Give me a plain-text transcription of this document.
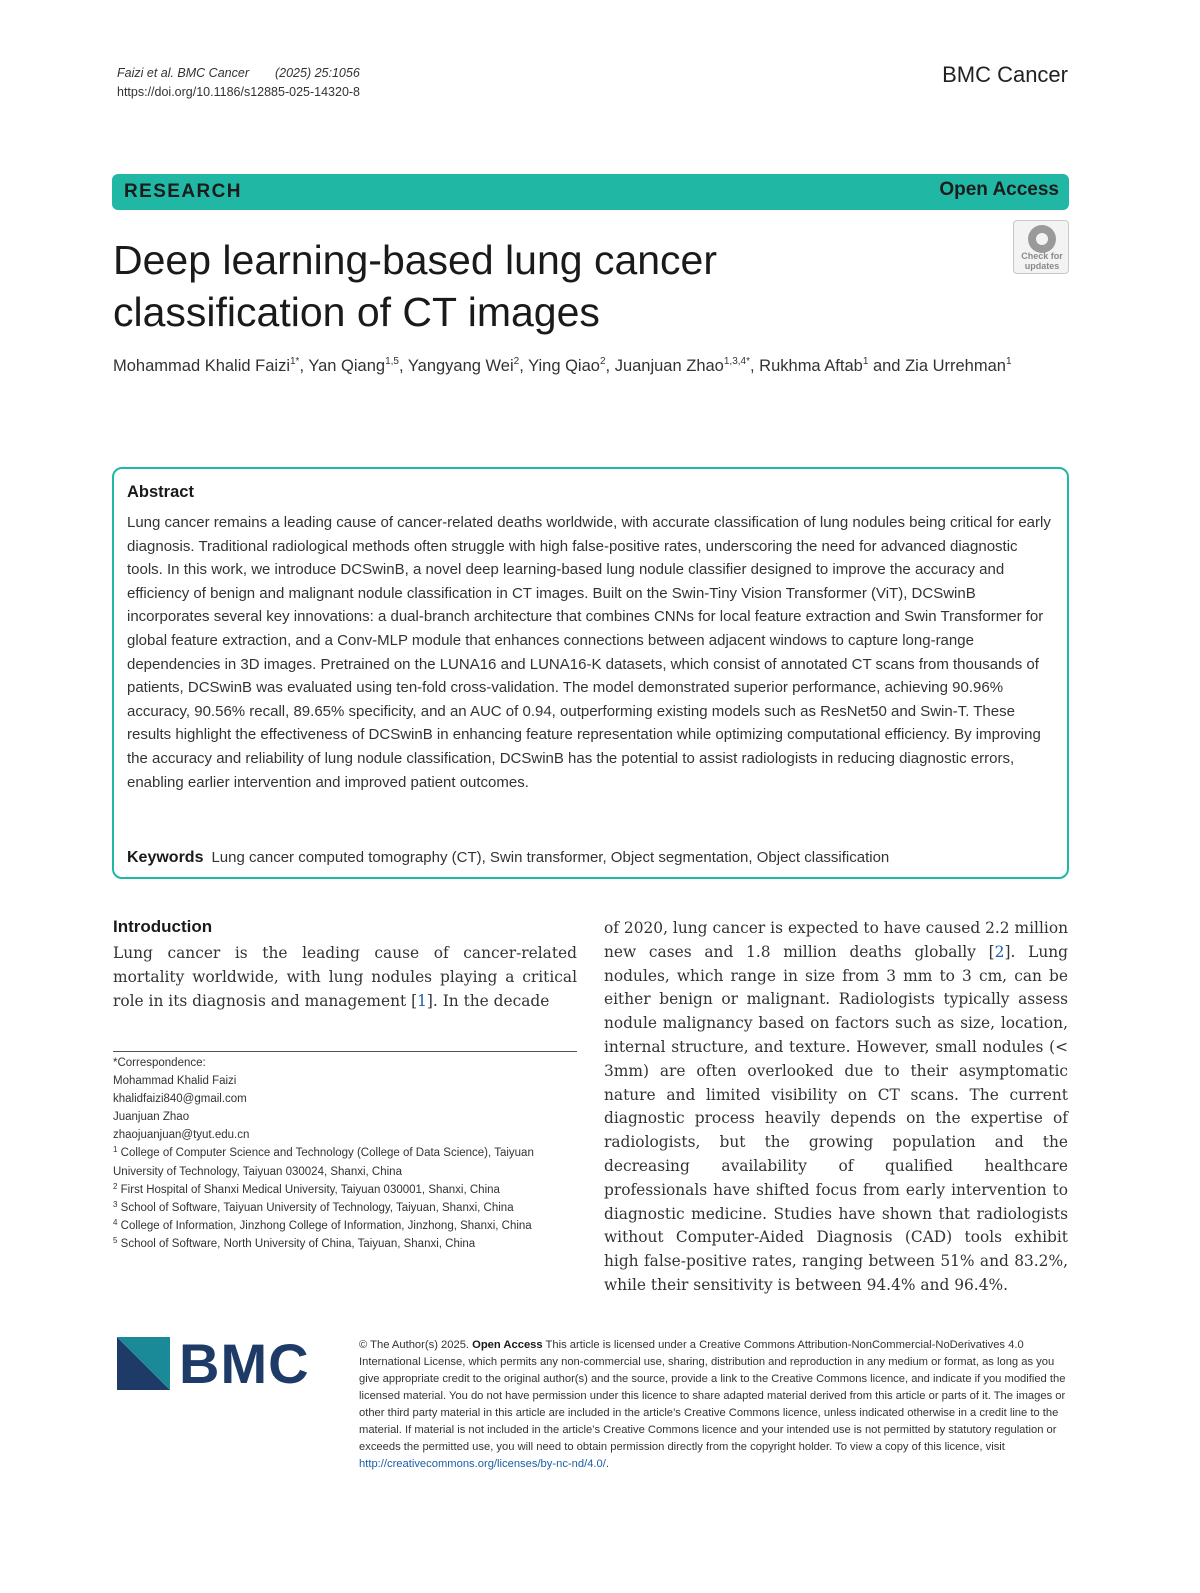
Faizi et al. BMC Cancer (2025) 25:1056
https://doi.org/10.1186/s12885-025-14320-8
BMC Cancer
RESEARCH	Open Access
Deep learning-based lung cancer classification of CT images
Check for updates
Mohammad Khalid Faizi$^{1*}$, Yan Qiang$^{1,5}$, Yangyang Wei$^2$, Ying Qiao$^2$, Juanjuan Zhao$^{1,3,4*}$, Rukhma Aftab$^1$ and Zia Urrehman$^1$
Abstract
Lung cancer remains a leading cause of cancer-related deaths worldwide, with accurate classification of lung nodules being critical for early diagnosis. Traditional radiological methods often struggle with high false-positive rates, underscoring the need for advanced diagnostic tools. In this work, we introduce DCSwinB, a novel deep learning-based lung nodule classifier designed to improve the accuracy and efficiency of benign and malignant nodule classification in CT images. Built on the Swin-Tiny Vision Transformer (ViT), DCSwinB incorporates several key innovations: a dual-branch architecture that combines CNNs for local feature extraction and Swin Transformer for global feature extraction, and a Conv-MLP module that enhances connections between adjacent windows to capture long-range dependencies in 3D images. Pretrained on the LUNA16 and LUNA16-K datasets, which consist of annotated CT scans from thousands of patients, DCSwinB was evaluated using ten-fold cross-validation. The model demonstrated superior performance, achieving 90.96% accuracy, 90.56% recall, 89.65% specificity, and an AUC of 0.94, outperforming existing models such as ResNet50 and Swin-T. These results highlight the effectiveness of DCSwinB in enhancing feature representation while optimizing computational efficiency. By improving the accuracy and reliability of lung nodule classification, DCSwinB has the potential to assist radiologists in reducing diagnostic errors, enabling earlier intervention and improved patient outcomes.
Keywords Lung cancer computed tomography (CT), Swin transformer, Object segmentation, Object classification
Introduction
Lung cancer is the leading cause of cancer-related mortality worldwide, with lung nodules playing a critical role in its diagnosis and management [1]. In the decade
of 2020, lung cancer is expected to have caused 2.2 million new cases and 1.8 million deaths globally [2]. Lung nodules, which range in size from 3 mm to 3 cm, can be either benign or malignant. Radiologists typically assess nodule malignancy based on factors such as size, location, internal structure, and texture. However, small nodules (< 3mm) are often overlooked due to their asymptomatic nature and limited visibility on CT scans. The current diagnostic process heavily depends on the expertise of radiologists, but the growing population and the decreasing availability of qualified healthcare professionals have shifted focus from early intervention to diagnostic medicine. Studies have shown that radiologists without Computer-Aided Diagnosis (CAD) tools exhibit high false-positive rates, ranging between 51% and 83.2%, while their sensitivity is between 94.4% and 96.4%.
*Correspondence:
Mohammad Khalid Faizi
khalidfaizi840@gmail.com
Juanjuan Zhao
zhaojuanjuan@tyut.edu.cn
$^1$ College of Computer Science and Technology (College of Data Science), Taiyuan University of Technology, Taiyuan 030024, Shanxi, China
$^2$ First Hospital of Shanxi Medical University, Taiyuan 030001, Shanxi, China
$^3$ School of Software, Taiyuan University of Technology, Taiyuan, Shanxi, China
$^4$ College of Information, Jinzhong College of Information, Jinzhong, Shanxi, China
$^5$ School of Software, North University of China, Taiyuan, Shanxi, China
BMC	© The Author(s) 2025. Open Access This article is licensed under a Creative Commons Attribution-NonCommercial-NoDerivatives 4.0 International License, which permits any non-commercial use, sharing, distribution and reproduction in any medium or format, as long as you give appropriate credit to the original author(s) and the source, provide a link to the Creative Commons licence, and indicate if you modified the licensed material. You do not have permission under this licence to share adapted material derived from this article or parts of it. The images or other third party material in this article are included in the article’s Creative Commons licence, unless indicated otherwise in a credit line to the material. If material is not included in the article’s Creative Commons licence and your intended use is not permitted by statutory regulation or exceeds the permitted use, you will need to obtain permission directly from the copyright holder. To view a copy of this licence, visit http://creativecommons.org/licenses/by-nc-nd/4.0/.
